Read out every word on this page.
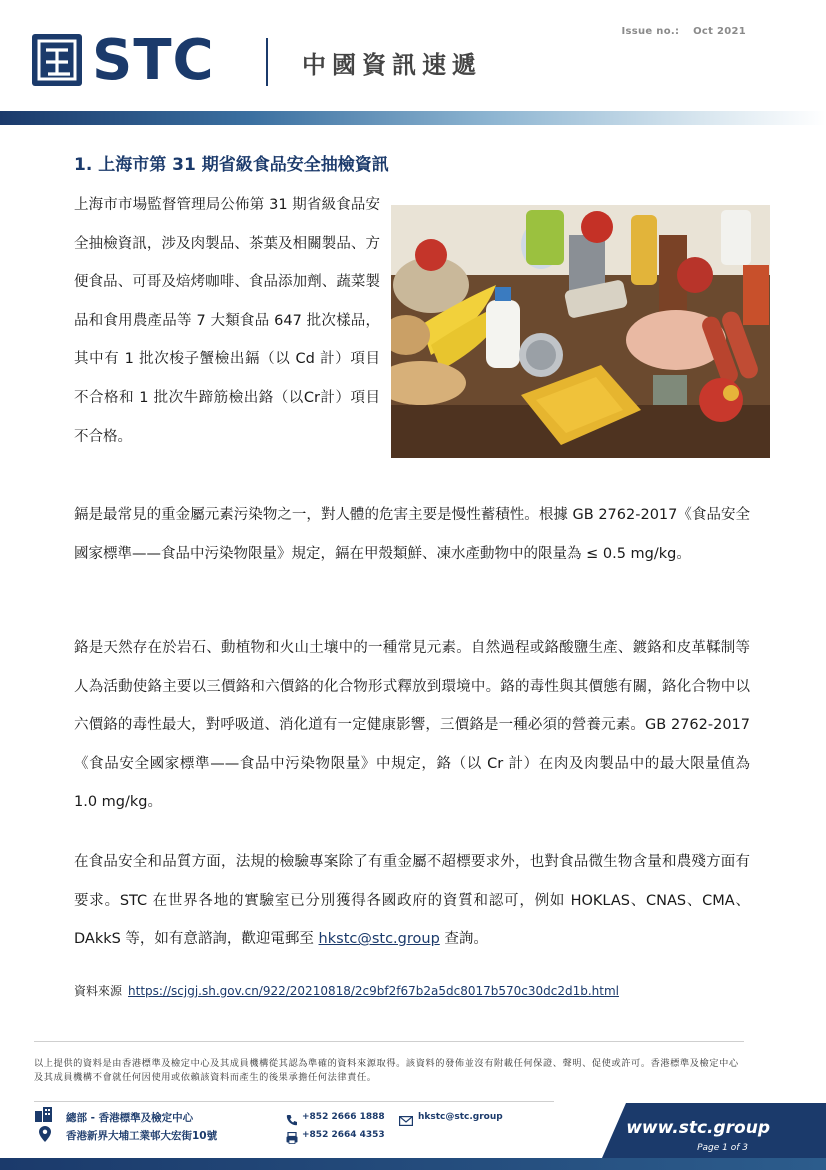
Issue no.: Oct 2021
STC	中國資訊速遞
1. 上海市第 31 期省級食品安全抽檢資訊
上海市市場監督管理局公佈第 31 期省級食品安全抽檢資訊，涉及肉製品、茶葉及相關製品、方便食品、可哥及焙烤咖啡、食品添加劑、蔬菜製品和食用農產品等 7 大類食品 647 批次樣品，其中有 1 批次梭子蟹檢出鎘（以 Cd 計）項目不合格和 1 批次牛蹄筋檢出鉻（以Cr計）項目不合格。
鎘是最常見的重金屬元素污染物之一，對人體的危害主要是慢性蓄積性。根據 GB 2762-2017《食品安全國家標準——食品中污染物限量》規定，鎘在甲殼類鮮、凍水產動物中的限量為 ≤ 0.5 mg/kg。
鉻是天然存在於岩石、動植物和火山土壤中的一種常見元素。自然過程或鉻酸鹽生產、鍍鉻和皮革鞣制等人為活動使鉻主要以三價鉻和六價鉻的化合物形式釋放到環境中。鉻的毒性與其價態有關，鉻化合物中以六價鉻的毒性最大，對呼吸道、消化道有一定健康影響，三價鉻是一種必須的營養元素。GB 2762-2017《食品安全國家標準——食品中污染物限量》中規定，鉻（以 Cr 計）在肉及肉製品中的最大限量值為 1.0 mg/kg。
在食品安全和品質方面，法規的檢驗專案除了有重金屬不超標要求外，也對食品微生物含量和農殘方面有要求。STC 在世界各地的實驗室已分別獲得各國政府的資質和認可，例如 HOKLAS、CNAS、CMA、DAkkS 等，如有意諮詢，歡迎電郵至 hkstc@stc.group 查詢。
資料來源 https://scjgj.sh.gov.cn/922/20210818/2c9bf2f67b2a5dc8017b570c30dc2d1b.html
以上提供的資料是由香港標準及檢定中心及其成員機構從其認為準確的資料來源取得。該資料的發佈並沒有附載任何保證、聲明、促使或許可。香港標準及檢定中心及其成員機構不會就任何因使用或依賴該資料而產生的後果承擔任何法律責任。
總部 - 香港標準及檢定中心
香港新界大埔工業邨大宏街10號
+852 2666 1888
+852 2664 4353
hkstc@stc.group
www.stc.group
Page 1 of 3
